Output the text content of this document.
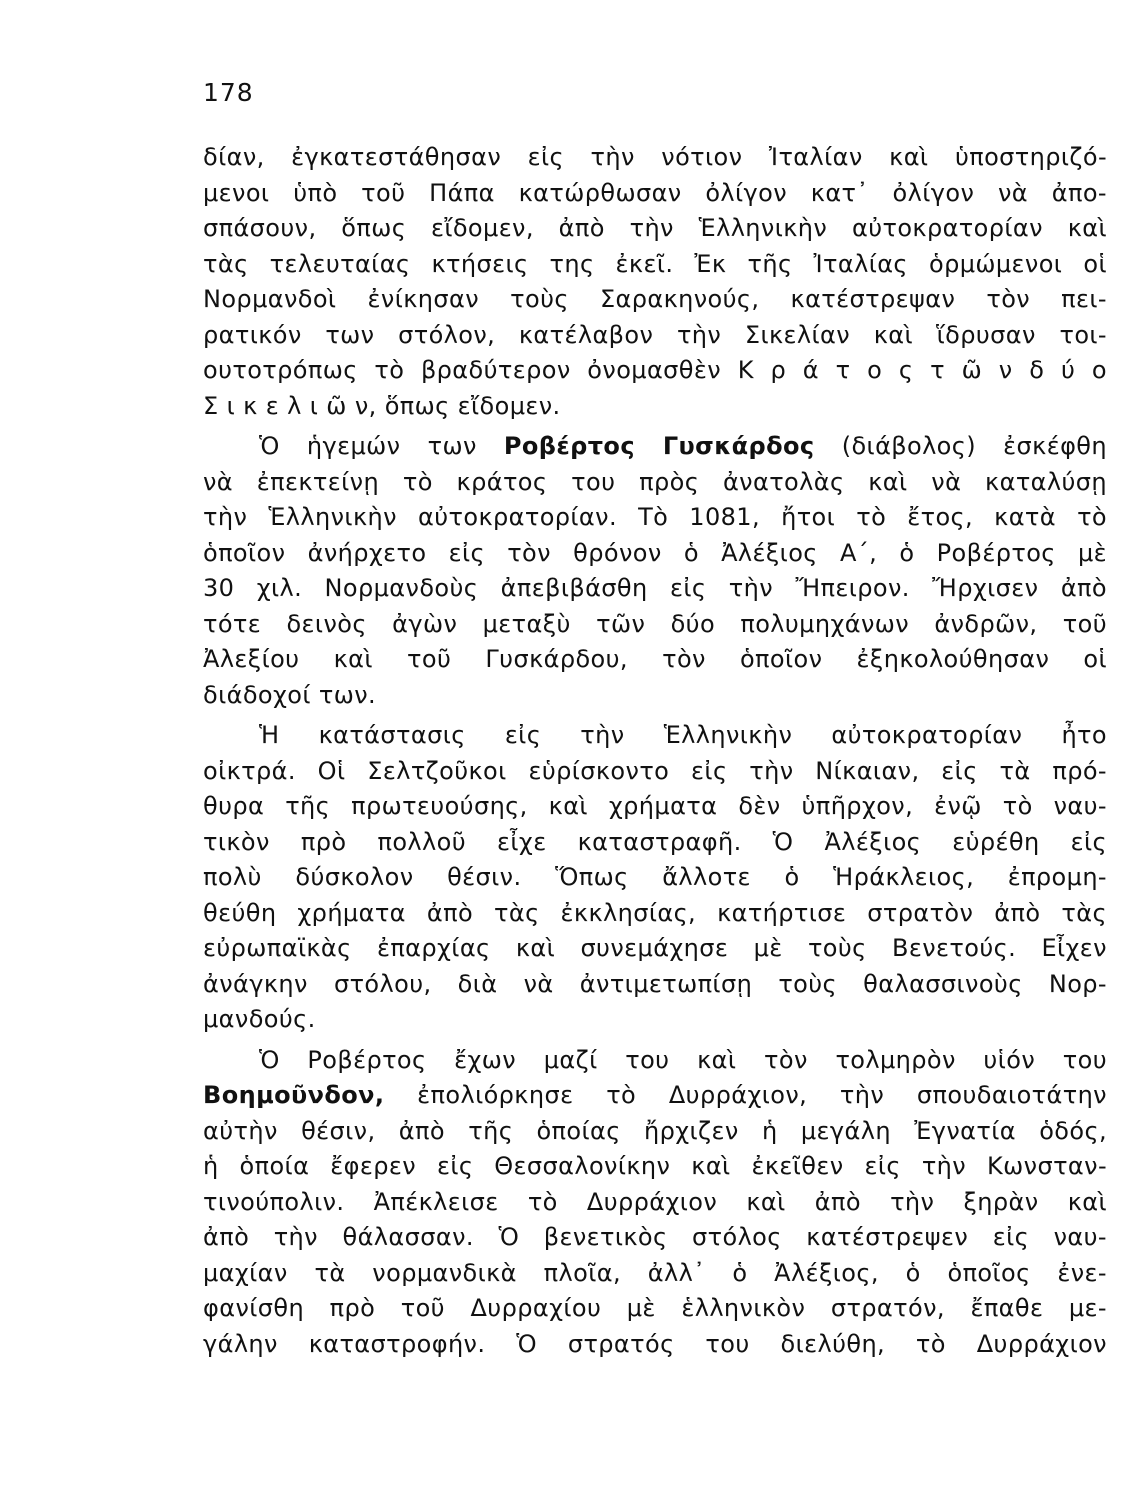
178
δίαν, ἐγκατεστάθησαν εἰς τὴν νότιον Ἰταλίαν καὶ ὑποστηριζό-
μενοι ὑπὸ τοῦ Πάπα κατώρθωσαν ὀλίγον κατ᾽ ὀλίγον νὰ ἀπο-
σπάσουν, ὅπως εἴδομεν, ἀπὸ τὴν Ἑλληνικὴν αὐτοκρατορίαν καὶ
τὰς τελευταίας κτήσεις της ἐκεῖ. Ἐκ τῆς Ἰταλίας ὁρμώμενοι οἱ
Νορμανδοὶ ἐνίκησαν τοὺς Σαρακηνούς, κατέστρεψαν τὸν πει-
ρατικόν των στόλον, κατέλαβον τὴν Σικελίαν καὶ ἵδρυσαν τοι-
ουτοτρόπως τὸ βραδύτερον ὀνομασθὲν Κ ρ ά τ ο ς τ ῶ ν δ ύ ο
Σ ι κ ε λ ι ῶ ν, ὅπως εἴδομεν.
Ὁ ἡγεμών των Ροβέρτος Γυσκάρδος (διάβολος) ἐσκέφθη
νὰ ἐπεκτείνῃ τὸ κράτος του πρὸς ἀνατολὰς καὶ νὰ καταλύσῃ
τὴν Ἑλληνικὴν αὐτοκρατορίαν. Τὸ 1081, ἤτοι τὸ ἔτος, κατὰ τὸ
ὁποῖον ἀνήρχετο εἰς τὸν θρόνον ὁ Ἀλέξιος Α΄, ὁ Ροβέρτος μὲ
30 χιλ. Νορμανδοὺς ἀπεβιβάσθη εἰς τὴν Ἤπειρον. Ἤρχισεν ἀπὸ
τότε δεινὸς ἀγὼν μεταξὺ τῶν δύο πολυμηχάνων ἀνδρῶν, τοῦ
Ἀλεξίου καὶ τοῦ Γυσκάρδου, τὸν ὁποῖον ἐξηκολούθησαν οἱ
διάδοχοί των.
Ἡ κατάστασις εἰς τὴν Ἑλληνικὴν αὐτοκρατορίαν ἦτο
οἰκτρά. Οἱ Σελτζοῦκοι εὑρίσκοντο εἰς τὴν Νίκαιαν, εἰς τὰ πρό-
θυρα τῆς πρωτευούσης, καὶ χρήματα δὲν ὑπῆρχον, ἐνῷ τὸ ναυ-
τικὸν πρὸ πολλοῦ εἶχε καταστραφῆ. Ὁ Ἀλέξιος εὑρέθη εἰς
πολὺ δύσκολον θέσιν. Ὅπως ἄλλοτε ὁ Ἡράκλειος, ἐπρομη-
θεύθη χρήματα ἀπὸ τὰς ἐκκλησίας, κατήρτισε στρατὸν ἀπὸ τὰς
εὐρωπαϊκὰς ἐπαρχίας καὶ συνεμάχησε μὲ τοὺς Βενετούς. Εἶχεν
ἀνάγκην στόλου, διὰ νὰ ἀντιμετωπίσῃ τοὺς θαλασσινοὺς Νορ-
μανδούς.
Ὁ Ροβέρτος ἔχων μαζί του καὶ τὸν τολμηρὸν υἱόν του
Βοημοῦνδον, ἐπολιόρκησε τὸ Δυρράχιον, τὴν σπουδαιοτάτην
αὐτὴν θέσιν, ἀπὸ τῆς ὁποίας ἤρχιζεν ἡ μεγάλη Ἐγνατία ὁδός,
ἡ ὁποία ἔφερεν εἰς Θεσσαλονίκην καὶ ἐκεῖθεν εἰς τὴν Κωνσταν-
τινούπολιν. Ἀπέκλεισε τὸ Δυρράχιον καὶ ἀπὸ τὴν ξηρὰν καὶ
ἀπὸ τὴν θάλασσαν. Ὁ βενετικὸς στόλος κατέστρεψεν εἰς ναυ-
μαχίαν τὰ νορμανδικὰ πλοῖα, ἀλλ᾽ ὁ Ἀλέξιος, ὁ ὁποῖος ἐνε-
φανίσθη πρὸ τοῦ Δυρραχίου μὲ ἑλληνικὸν στρατόν, ἔπαθε με-
γάλην καταστροφήν. Ὁ στρατός του διελύθη, τὸ Δυρράχιον
